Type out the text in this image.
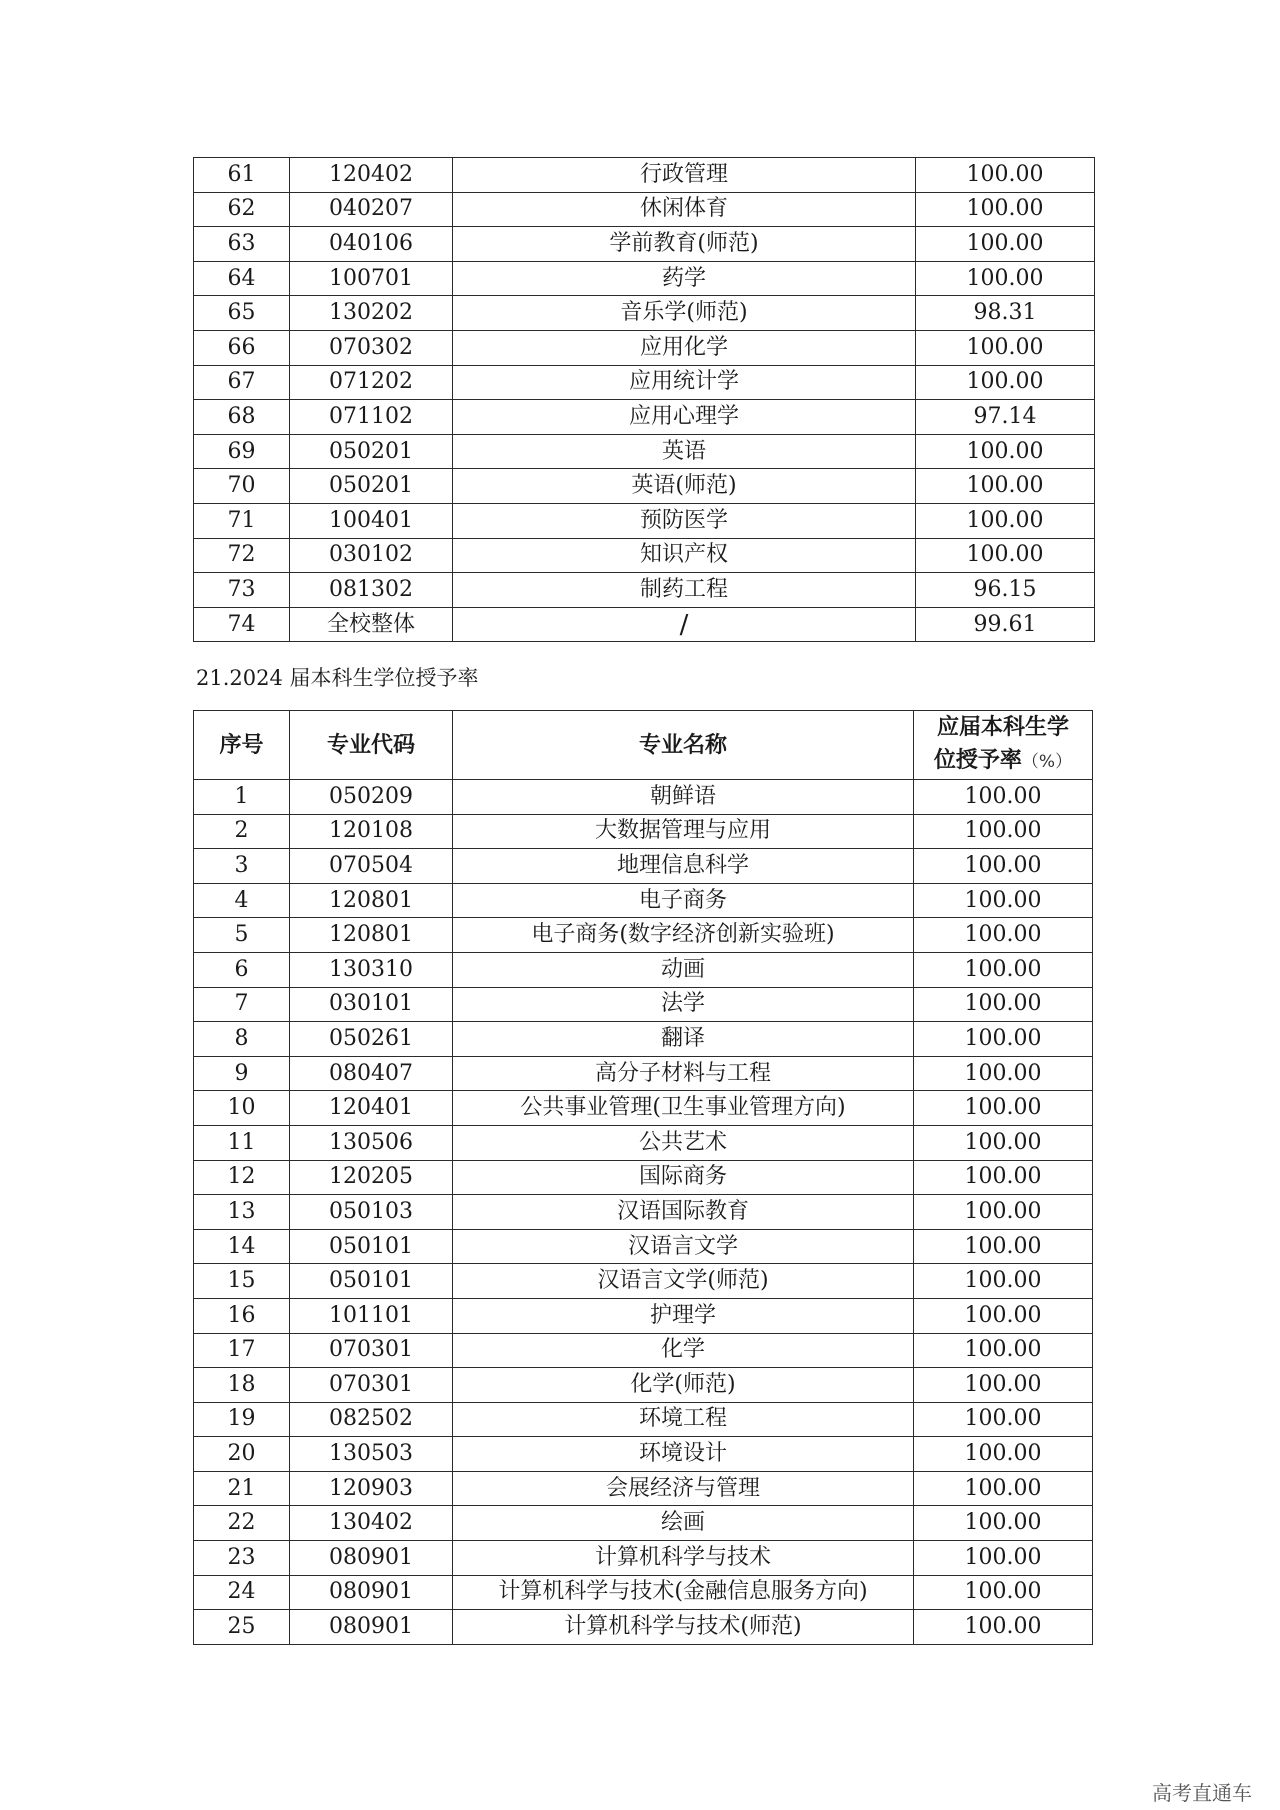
61	120402	行政管理	100.00
62	040207	休闲体育	100.00
63	040106	学前教育(师范)	100.00
64	100701	药学	100.00
65	130202	音乐学(师范)	98.31
66	070302	应用化学	100.00
67	071202	应用统计学	100.00
68	071102	应用心理学	97.14
69	050201	英语	100.00
70	050201	英语(师范)	100.00
71	100401	预防医学	100.00
72	030102	知识产权	100.00
73	081302	制药工程	96.15
74	全校整体	/	99.61
21.2024 届本科生学位授予率
序号	专业代码	专业名称	应届本科生学
位授予率（%）
1	050209	朝鲜语	100.00
2	120108	大数据管理与应用	100.00
3	070504	地理信息科学	100.00
4	120801	电子商务	100.00
5	120801	电子商务(数字经济创新实验班)	100.00
6	130310	动画	100.00
7	030101	法学	100.00
8	050261	翻译	100.00
9	080407	高分子材料与工程	100.00
10	120401	公共事业管理(卫生事业管理方向)	100.00
11	130506	公共艺术	100.00
12	120205	国际商务	100.00
13	050103	汉语国际教育	100.00
14	050101	汉语言文学	100.00
15	050101	汉语言文学(师范)	100.00
16	101101	护理学	100.00
17	070301	化学	100.00
18	070301	化学(师范)	100.00
19	082502	环境工程	100.00
20	130503	环境设计	100.00
21	120903	会展经济与管理	100.00
22	130402	绘画	100.00
23	080901	计算机科学与技术	100.00
24	080901	计算机科学与技术(金融信息服务方向)	100.00
25	080901	计算机科学与技术(师范)	100.00
高考直通车
